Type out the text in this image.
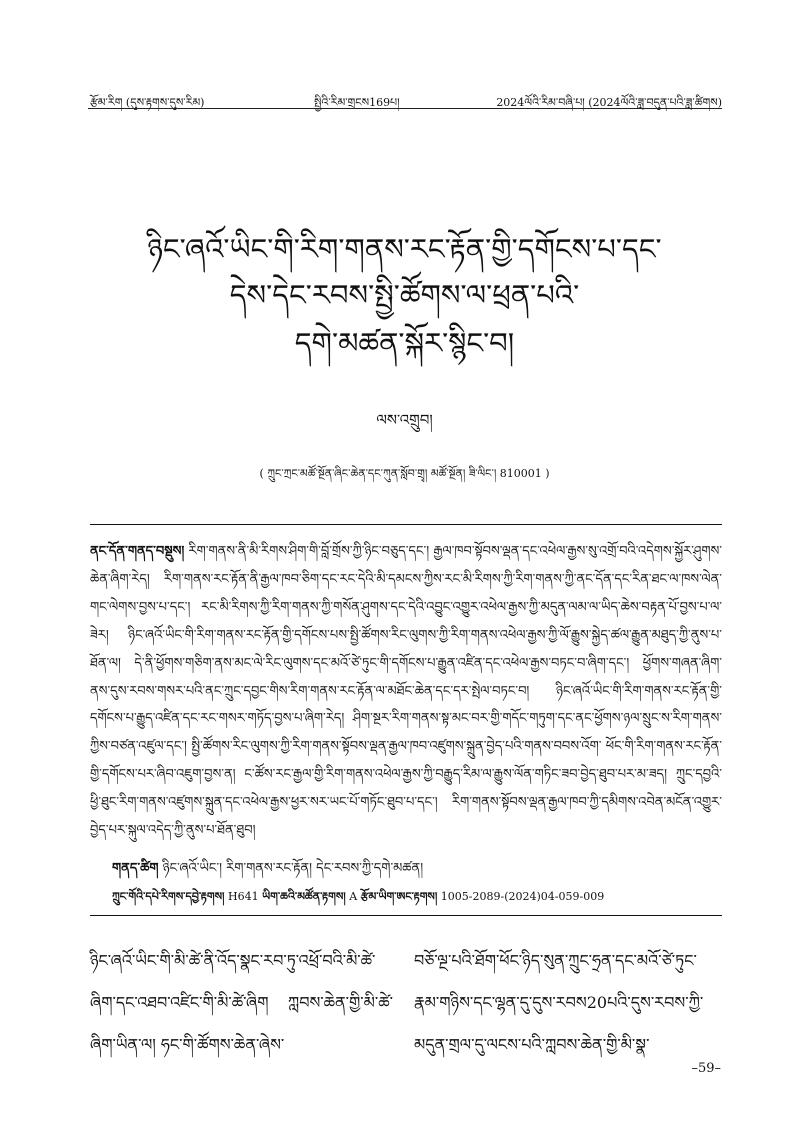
རྩོམ་རིག (དུས་རྟགས་དུས་རིམ)	སྤྱིའི་རིམ་གྲངས169པ།	2024ལོའི་རིམ་བཞི་པ། (2024ལོའི་ཟླ་བདུན་པའི་ཟླ་ཚིགས)
ཉིང་ཞའོ་ཡིང་གི་རིག་གནས་རང་རྟོན་གྱི་དགོངས་པ་དང་
དེས་དེང་རབས་སྤྱི་ཚོགས་ལ་ཕྲན་པའི་
དགེ་མཚན་སྐོར་སྙིང་བ།
ལས་འགྲུབ།
( ཀྲུང་ཀྲང་མཚོ་སྔོན་ཞིང་ཆེན་དང་ཀུན་སློབ་གྲྭ། མཚོ་སྔོན། ཟི་ལིང་། 810001 )
ནང་དོན་གནད་བསྡུས། རིག་གནས་ནི་མི་རིགས་ཤིག་གི་བློ་གྲོས་ཀྱི་ཉིང་བཅུད་དང་། རྒྱལ་ཁབ་སྟོབས་ལྡན་དང་འཕེལ་རྒྱས་སུ་འགྲོ་བའི་འདེགས་སྐྱོར་ཤུགས་ཆེན་ཞིག་རེད། རིག་གནས་རང་རྟོན་ནི་རྒྱལ་ཁབ་ཅིག་དང་རང་དེའི་མི་དམངས་ཀྱིས་རང་མི་རིགས་ཀྱི་རིག་གནས་ཀྱི་ནང་དོན་དང་རིན་ཐང་ལ་ཁས་ལེན་གང་ལེགས་བྱས་པ་དང་། རང་མི་རིགས་ཀྱི་རིག་གནས་ཀྱི་གསོན་ཤུགས་དང་དེའི་འབྱུང་འགྱུར་འཕེལ་རྒྱས་ཀྱི་མདུན་ལམ་ལ་ཡིད་ཆེས་བརྟན་པོ་བྱས་པ་ལ་ཟེར། ཉིང་ཞའོ་ཡིང་གི་རིག་གནས་རང་རྟོན་གྱི་དགོངས་པས་སྤྱི་ཚོགས་རིང་ལུགས་ཀྱི་རིག་གནས་འཕེལ་རྒྱས་ཀྱི་ལོ་རྒྱུས་སྐྱེད་ཚལ་རྒྱུན་མཐུད་ཀྱི་ནུས་པ་ཐོན་ལ། དེ་ནི་ཕྱོགས་གཅིག་ནས་མང་ལེ་རིང་ལུགས་དང་མའོ་ཙེ་ཏུང་གི་དགོངས་པ་རྒྱུན་འཛིན་དང་འཕེལ་རྒྱས་བཏང་བ་ཞིག་དང་། ཕྱོགས་གཞན་ཞིག་ནས་དུས་རབས་གསར་པའི་ནང་ཀྲུང་དབྱང་གིས་རིག་གནས་རང་རྟོན་ལ་མཐོང་ཆེན་དང་དར་སྤེལ་བཏང་བ། ཉིང་ཞའོ་ཡིང་གི་རིག་གནས་རང་རྟོན་གྱི་དགོངས་པ་རྒྱུད་འཛིན་དང་རང་གསར་གཏོད་བྱས་པ་ཞིག་རེད། ཤིག་སྔར་རིག་གནས་སྟ་མང་བར་གྱི་གདོང་གཏུག་དང་ནང་ཕྱོགས་ཉལ་སྲུང་ས་རིག་གནས་ཀྱིས་བཙན་འཛུལ་དང་། སྤྱི་ཚོགས་རིང་ལུགས་ཀྱི་རིག་གནས་སྟོབས་ལྡན་རྒྱལ་ཁབ་འཛུགས་སྐྲུན་བྱེད་པའི་གནས་བབས་འོག་ ཕོང་གི་རིག་གནས་རང་རྟོན་གྱི་དགོངས་པར་ཞིབ་འཇུག་བྱས་ན། ང་ཚོས་རང་རྒྱལ་གྱི་རིག་གནས་འཕེལ་རྒྱས་ཀྱི་བརྒྱུད་རིམ་ལ་རྒྱུས་ལོན་གཏིང་ཟབ་བྱེད་ཐུབ་པར་མ་ཟད། ཀྲུང་དབྱའི་ཕྱི་ཐུང་རིག་གནས་འཛུགས་སྐྲུན་དང་འཕེལ་རྒྱས་ཕྱར་སར་ཡང་པོ་གཏོང་ཐུབ་པ་དང་། རིག་གནས་སྟོབས་ལྡན་རྒྱལ་ཁབ་ཀྱི་དམིགས་འབེན་མངོན་འགྱུར་བྱེད་པར་སྐུལ་འདེད་ཀྱི་ནུས་པ་ཐོན་ཐུབ།
གནད་ཚིག ཉིང་ཞའོ་ཡིང་། རིག་གནས་རང་རྟོན། དེང་རབས་ཀྱི་དགེ་མཚན།
ཀྲུང་གོའི་དཔེ་རིགས་དབྱེ་རྟགས། H641 ཡིག་ཆའི་མཚོན་རྟགས། A རྩོམ་ཡིག་ཨང་རྟགས། 1005-2089-(2024)04-059-009
ཉིང་ཞའོ་ཡིང་གི་མི་ཚེ་ནི་འོད་སྣང་རབ་ཏུ་འཕྲོ་བའི་མི་ཚེ་ཞིག་དང་འཐབ་འཛིང་གི་མི་ཚེ་ཞིག ཀླབས་ཆེན་གྱི་མི་ཚེ་ཞིག་ཡིན་ལ། ཧང་གི་ཚོགས་ཆེན་ཞེས་
བཅོ་ལྔ་པའི་ཐོག་ཕོང་ཉིད་སུན་ཀྲུང་ཧྲན་དང་མའོ་ཙེ་ཏུང་རྣམ་གཉིས་དང་ལྷན་དུ་དུས་རབས20པའི་དུས་རབས་ཀྱི་མདུན་གྲལ་དུ་ལངས་པའི་ཀླབས་ཆེན་གྱི་མི་སྣ་
–59–
